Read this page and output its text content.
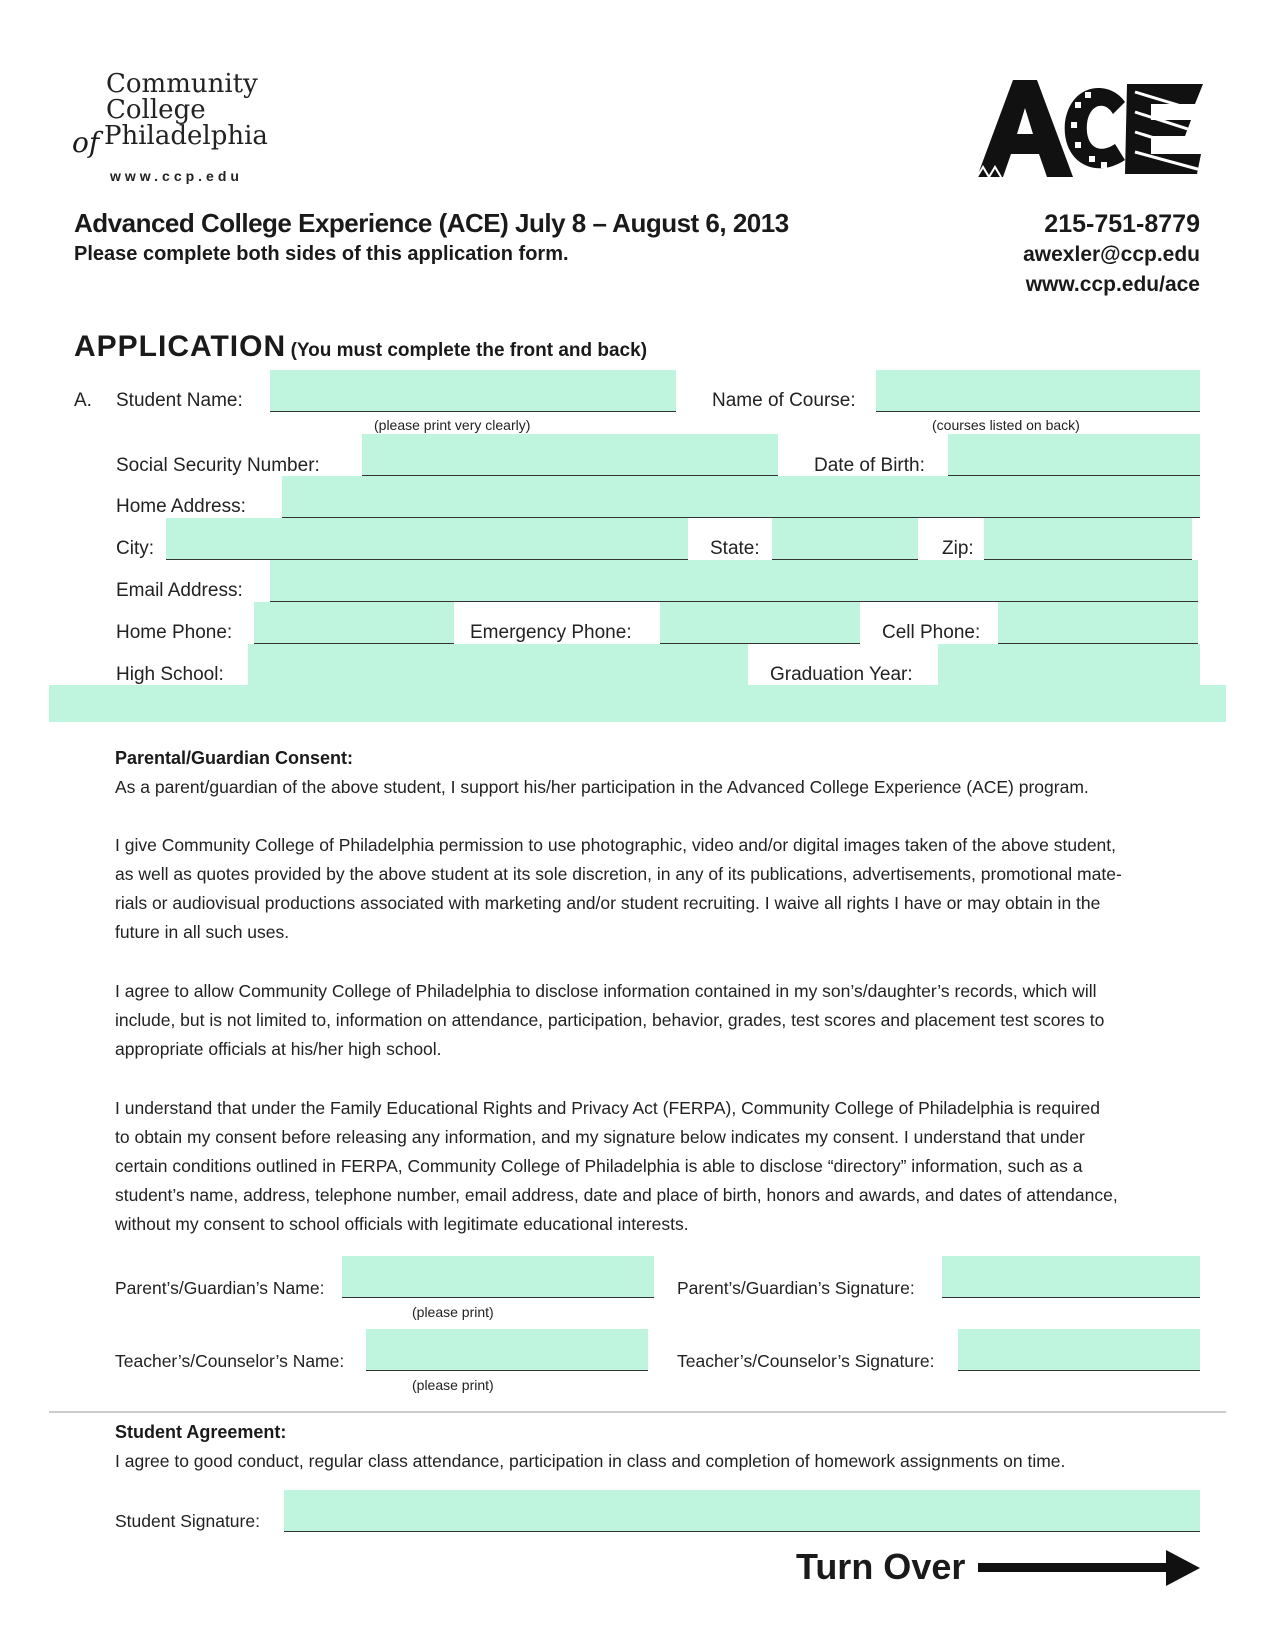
Community
College
of Philadelphia
www.ccp.edu
Advanced College Experience (ACE) July 8 – August 6, 2013
Please complete both sides of this application form.
215-751-8779
awexler@ccp.edu
www.ccp.edu/ace
APPLICATION (You must complete the front and back)
A. Student Name:
(please print very clearly)
Name of Course:
(courses listed on back)
Social Security Number:	Date of Birth:
Home Address:
City:	State:	Zip:
Email Address:
Home Phone:	Emergency Phone:	Cell Phone:
High School:	Graduation Year:
Parental/Guardian Consent:
As a parent/guardian of the above student, I support his/her participation in the Advanced College Experience (ACE) program.
I give Community College of Philadelphia permission to use photographic, video and/or digital images taken of the above student,
as well as quotes provided by the above student at its sole discretion, in any of its publications, advertisements, promotional mate-
rials or audiovisual productions associated with marketing and/or student recruiting. I waive all rights I have or may obtain in the
future in all such uses.
I agree to allow Community College of Philadelphia to disclose information contained in my son’s/daughter’s records, which will
include, but is not limited to, information on attendance, participation, behavior, grades, test scores and placement test scores to
appropriate officials at his/her high school.
I understand that under the Family Educational Rights and Privacy Act (FERPA), Community College of Philadelphia is required
to obtain my consent before releasing any information, and my signature below indicates my consent. I understand that under
certain conditions outlined in FERPA, Community College of Philadelphia is able to disclose “directory” information, such as a
student’s name, address, telephone number, email address, date and place of birth, honors and awards, and dates of attendance,
without my consent to school officials with legitimate educational interests.
Parent’s/Guardian’s Name:
(please print)
Parent’s/Guardian’s Signature:
Teacher’s/Counselor’s Name:
(please print)
Teacher’s/Counselor’s Signature:
Student Agreement:
I agree to good conduct, regular class attendance, participation in class and completion of homework assignments on time.
Student Signature:
Turn Over
